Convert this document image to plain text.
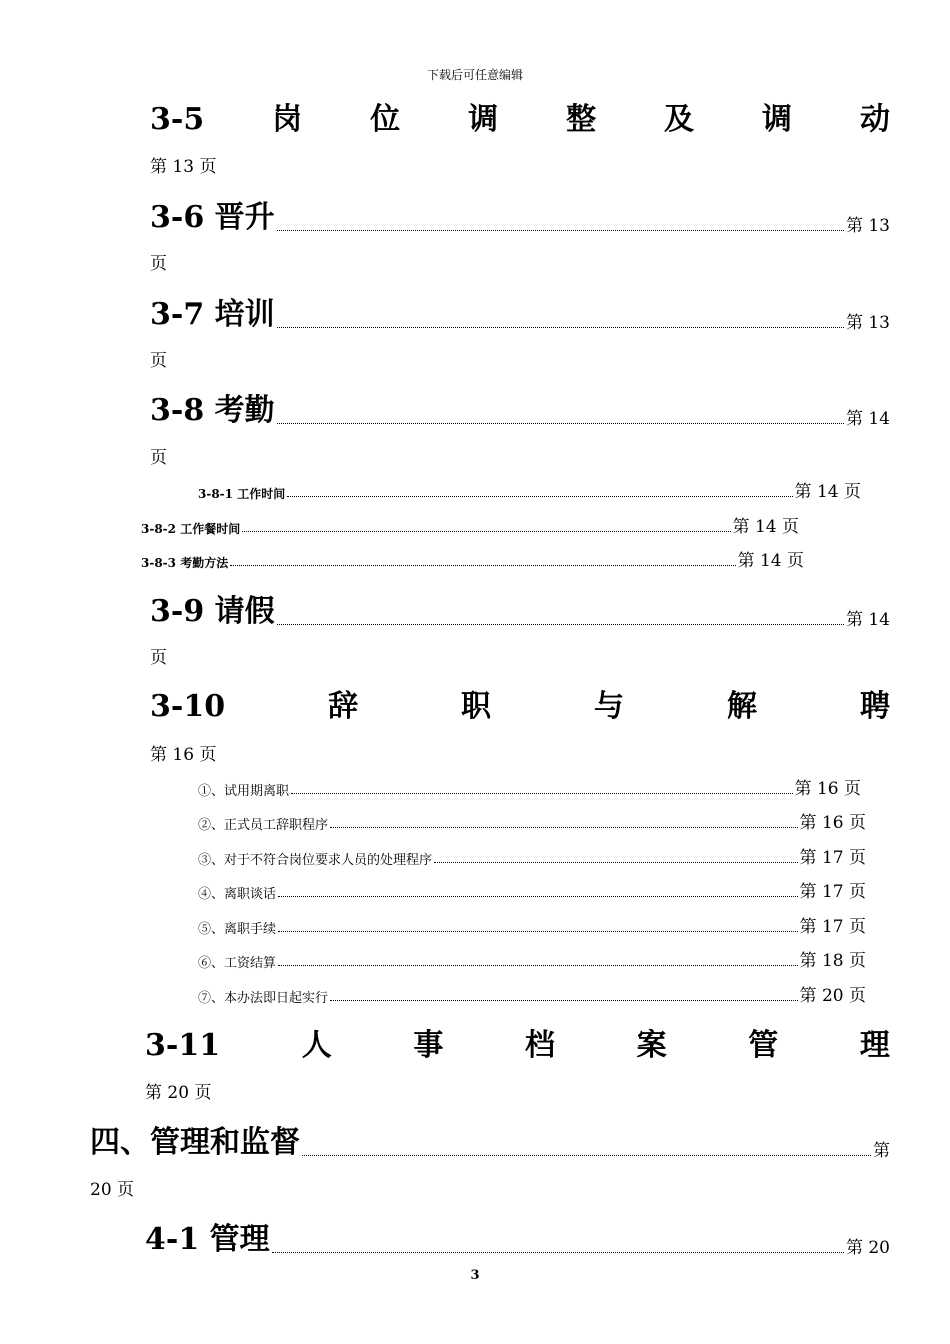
下载后可任意编辑
3-5 岗 位 调 整 及 调 动
第 13 页
3-6 晋升	第 13
页
3-7 培训	第 13
页
3-8 考勤	第 14
页
3-8-1 工作时间	第 14 页
3-8-2 工作餐时间	第 14 页
3-8-3 考勤方法	第 14 页
3-9 请假	第 14
页
3-10	辞	职	与	解	聘
第 16 页
①、试用期离职	第 16 页
②、正式员工辞职程序	第 16 页
③、对于不符合岗位要求人员的处理程序	第 17 页
④、离职谈话	第 17 页
⑤、离职手续	第 17 页
⑥、工资结算	第 18 页
⑦、本办法即日起实行	第 20 页
3-11	人	事	档	案	管	理
第 20 页
四、管理和监督	第
20 页
4-1 管理	第 20
3
